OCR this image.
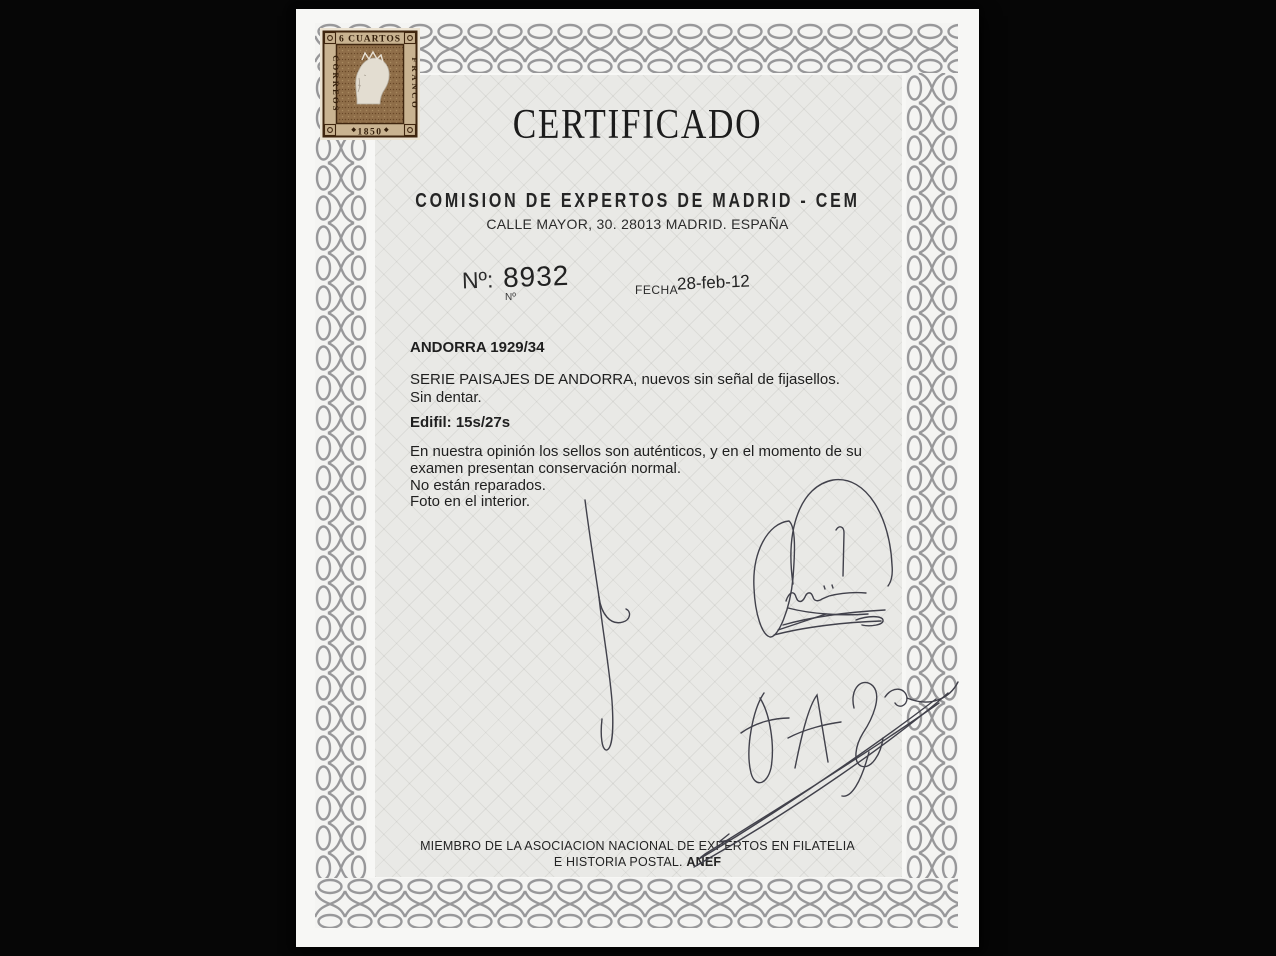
6 CUARTOS
1850
CORREOS	FRANCO
CERTIFICADO
COMISION DE EXPERTOS DE MADRID - CEM
CALLE MAYOR, 30. 28013 MADRID. ESPAÑA
Nº: 8932
Nº
FECHA
28-feb-12
ANDORRA 1929/34
SERIE PAISAJES DE ANDORRA, nuevos sin señal de fijasellos.
Sin dentar.
Edifil: 15s/27s
En nuestra opinión los sellos son auténticos, y en el momento de su
examen presentan conservación normal.
No están reparados.
Foto en el interior.
MIEMBRO DE LA ASOCIACION NACIONAL DE EXPERTOS EN FILATELIA
E HISTORIA POSTAL. ANEF
